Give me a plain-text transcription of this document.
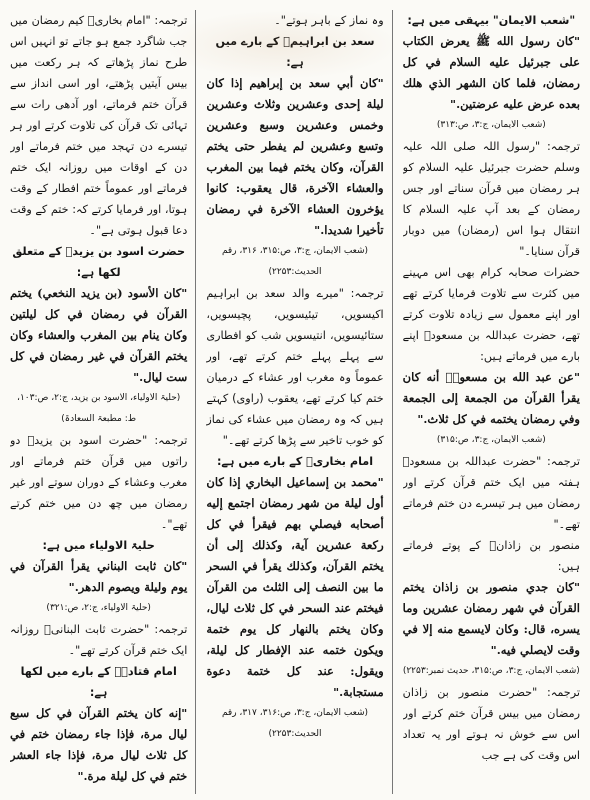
"شعب الایمان" بیہقی میں ہے:

"كان رسول الله ﷺ يعرض الكتاب على جبرئيل عليه السلام في كل رمضان، فلما كان الشهر الذي هلك بعده عرض عليه عرضتين."

(شعب الایمان، ج:۳، ص:۳۱۳)

ترجمہ: "رسول اللہ صلی اللہ علیہ وسلم حضرت جبرئیل علیہ السلام کو ہر رمضان میں قرآن سناتے اور جس رمضان کے بعد آپ علیہ السلام کا انتقال ہوا اس (رمضان) میں دوبار قرآن سنایا۔"

حضرات صحابہ کرام بھی اس مہینے میں کثرت سے تلاوت فرمایا کرتے تھے اور اپنے معمول سے زیادہ تلاوت کرتے تھے، حضرت عبداللہ بن مسعودؓ اپنے بارے میں فرماتے ہیں:

"عن عبد الله بن مسعودؓ أنه كان يقرأ القرآن من الجمعة إلى الجمعة وفي رمضان يختمه في كل ثلاث."

(شعب الایمان، ج:۳، ص:۳۱۵)

ترجمہ: "حضرت عبداللہ بن مسعودؓ ہفتہ میں ایک ختم قرآن کرتے اور رمضان میں ہر تیسرے دن ختم فرماتے تھے۔"

منصور بن زاذانؒ کے پوتے فرماتے ہیں:

"كان جدي منصور بن زاذان يختم القرآن في شهر رمضان عشرين وما يسره، قال: وكان لايسمع منه إلا في وقت لايصلي فيه."

(شعب الایمان، ج:۳، ص:۳۱۵، حدیث نمبر:۲۲۵۳)

ترجمہ: "حضرت منصور بن زاذان رمضان میں بیس قرآن ختم کرتے اور اس سے خوش نہ ہوتے اور یہ تعداد اس وقت کی ہے جب

وہ نماز کے باہر ہوتے"۔

سعد بن ابراہیمؒ کے بارے میں ہے:

"كان أبي سعد بن إبراهيم إذا كان ليلة إحدى وعشرين وثلاث وعشرين وخمس وعشرين وسبع وعشرين وتسع وعشرين لم يفطر حتى يختم القرآن، وكان يختم فيما بين المغرب والعشاء الآخرة، قال يعقوب: كانوا يؤخرون العشاء الآخرة في رمضان تأخيرا شديدا."

(شعب الایمان، ج:۳، ص:۳۱۵، ۳۱۶، رقم الحدیث:۲۲۵۳)

ترجمہ: "میرے والد سعد بن ابراہیم اکیسویں، تیئیسویں، پچیسویں، ستائیسویں، انتیسویں شب کو افطاری سے پہلے پہلے ختم کرتے تھے، اور عموماً وہ مغرب اور عشاء کے درمیان ختم کیا کرتے تھے، یعقوب (راوی) کہتے ہیں کہ وہ رمضان میں عشاء کی نماز کو خوب تاخیر سے پڑھا کرتے تھے۔"

امام بخاریؒ کے بارے میں ہے:

"محمد بن إسماعيل البخاري إذا كان أول ليلة من شهر رمضان اجتمع إليه أصحابه فيصلي بهم فيقرأ في كل ركعة عشرين آية، وكذلك إلى أن يختم القرآن، وكذلك يقرأ في السحر ما بين النصف إلى الثلث من القرآن فيختم عند السحر في كل ثلاث ليال، وكان يختم بالنهار كل يوم ختمة ويكون ختمه عند الإفطار كل ليلة، ويقول: عند كل ختمة دعوة مستجابة."

(شعب الایمان، ج:۳، ص:۳۱۶، ۳۱۷، رقم الحدیث:۲۲۵۳)

ترجمہ: "امام بخاریؒ کیم رمضان میں جب شاگرد جمع ہو جاتے تو انہیں اس طرح نماز پڑھاتے کہ ہر رکعت میں بیس آیتیں پڑھتے، اور اسی انداز سے قرآن ختم فرماتے، اور آدھی رات سے تہائی تک قرآن کی تلاوت کرتے اور ہر تیسرے دن تہجد میں ختم فرماتے اور دن کے اوقات میں روزانہ ایک ختم فرماتے اور عموماً ختم افطار کے وقت ہوتا، اور فرمایا کرتے کہ: ختم کے وقت دعا قبول ہوتی ہے"۔

حضرت اسود بن یزیدؒ کے متعلق لکھا ہے:

"كان الأسود (بن يزيد النخعي) يختم القرآن في رمضان في كل ليلتين وكان ينام بين المغرب والعشاء وكان يختم القرآن في غير رمضان في كل ست ليال."

(حلیۃ الاولیاء، الاسود بن یزید، ج:۲، ص:۱۰۳، ط: مطبعۃ السعادۃ)

ترجمہ: "حضرت اسود بن یزیدؒ دو راتوں میں قرآن ختم فرماتے اور مغرب وعشاء کے دوران سوتے اور غیر رمضان میں چھ دن میں ختم کرتے تھے"۔

حلیۃ الاولیاء میں ہے:

"كان ثابت البناني يقرأ القرآن في يوم وليلة ويصوم الدهر."

(حلیۃ الاولیاء، ج:۲، ص:۳۲۱)

ترجمہ: "حضرت ثابت البنانیؒ روزانہ ایک ختم قرآن کرتے تھے"۔

امام قتادہؒ کے بارے میں لکھا ہے:

"إنه كان يختم القرآن في كل سبع ليال مرة، فإذا جاء رمضان ختم في كل ثلاث ليال مرة، فإذا جاء العشر ختم في كل ليلة مرة."
